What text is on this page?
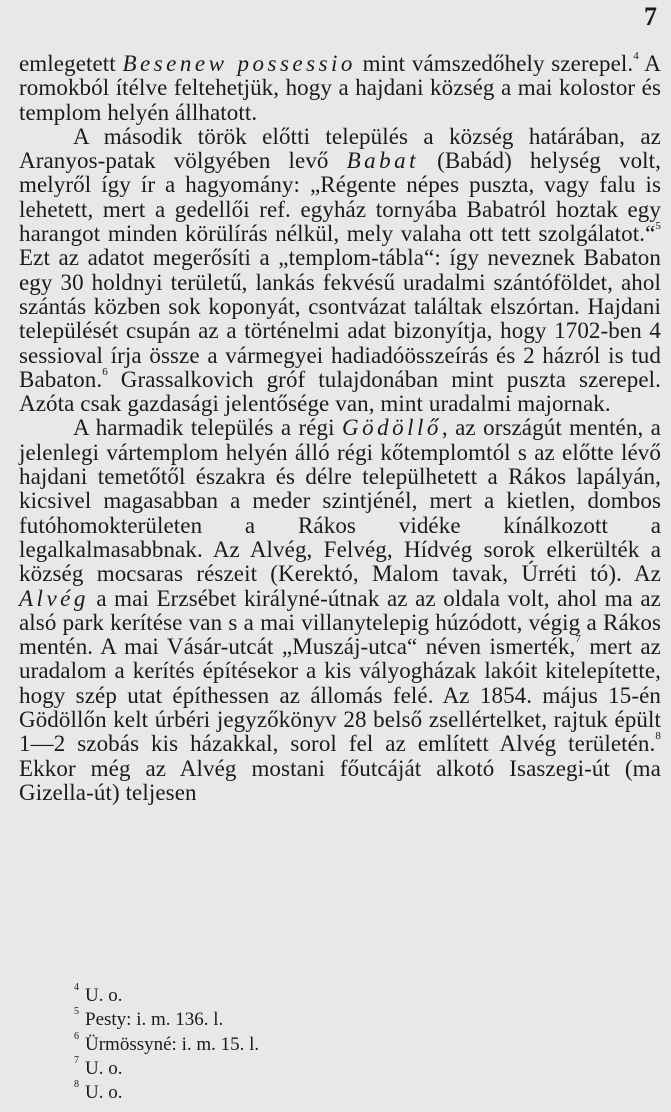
7

emlegetett Besenew possessio mint vámszedőhely szerepel.$^4$ A romokból ítélve feltehetjük, hogy a hajdani község a mai kolostor és templom helyén állhatott.

A második török előtti település a község határában, az Aranyos-patak völgyében levő Babat (Babád) helység volt, melyről így ír a hagyomány: „Régente népes puszta, vagy falu is lehetett, mert a gedellői ref. egyház tornyába Babatról hoztak egy harangot minden körülírás nélkül, mely valaha ott tett szolgálatot.“$^5$ Ezt az adatot megerősíti a „templom-tábla“: így neveznek Babaton egy 30 holdnyi területű, lankás fekvésű uradalmi szántóföldet, ahol szántás közben sok koponyát, csontvázat találtak elszórtan. Hajdani települését csupán az a történelmi adat bizonyítja, hogy 1702-ben 4 sessioval írja össze a vármegyei hadiadóösszeírás és 2 házról is tud Babaton.$^6$ Grassalkovich gróf tulajdonában mint puszta szerepel. Azóta csak gazdasági jelentősége van, mint uradalmi majornak.

A harmadik település a régi Gödöllő, az országút mentén, a jelenlegi vártemplom helyén álló régi kőtemplomtól s az előtte lévő hajdani temetőtől északra és délre települhetett a Rákos lapályán, kicsivel magasabban a meder szintjénél, mert a kietlen, dombos futóhomokterületen a Rákos vidéke kínálkozott a legalkalmasabbnak. Az Alvég, Felvég, Hídvég sorok elkerülték a község mocsaras részeit (Kerektó, Malom tavak, Úrréti tó). Az Alvég a mai Erzsébet királyné-útnak az az oldala volt, ahol ma az alsó park kerítése van s a mai villanytelepig húzódott, végig a Rákos mentén. A mai Vásár-utcát „Muszáj-utca“ néven ismerték,$^7$ mert az uradalom a kerítés építésekor a kis vályogházak lakóit kitelepítette, hogy szép utat építhessen az állomás felé. Az 1854. május 15-én Gödöllőn kelt úrbéri jegyzőkönyv 28 belső zsellértelket, rajtuk épült 1—2 szobás kis házakkal, sorol fel az említett Alvég területén.$^8$ Ekkor még az Alvég mostani főutcáját alkotó Isaszegi-út (ma Gizella-út) teljesen

$^4$ U. o.
$^5$ Pesty: i. m. 136. l.
$^6$ Ürmössyné: i. m. 15. l.
$^7$ U. o.
$^8$ U. o.
